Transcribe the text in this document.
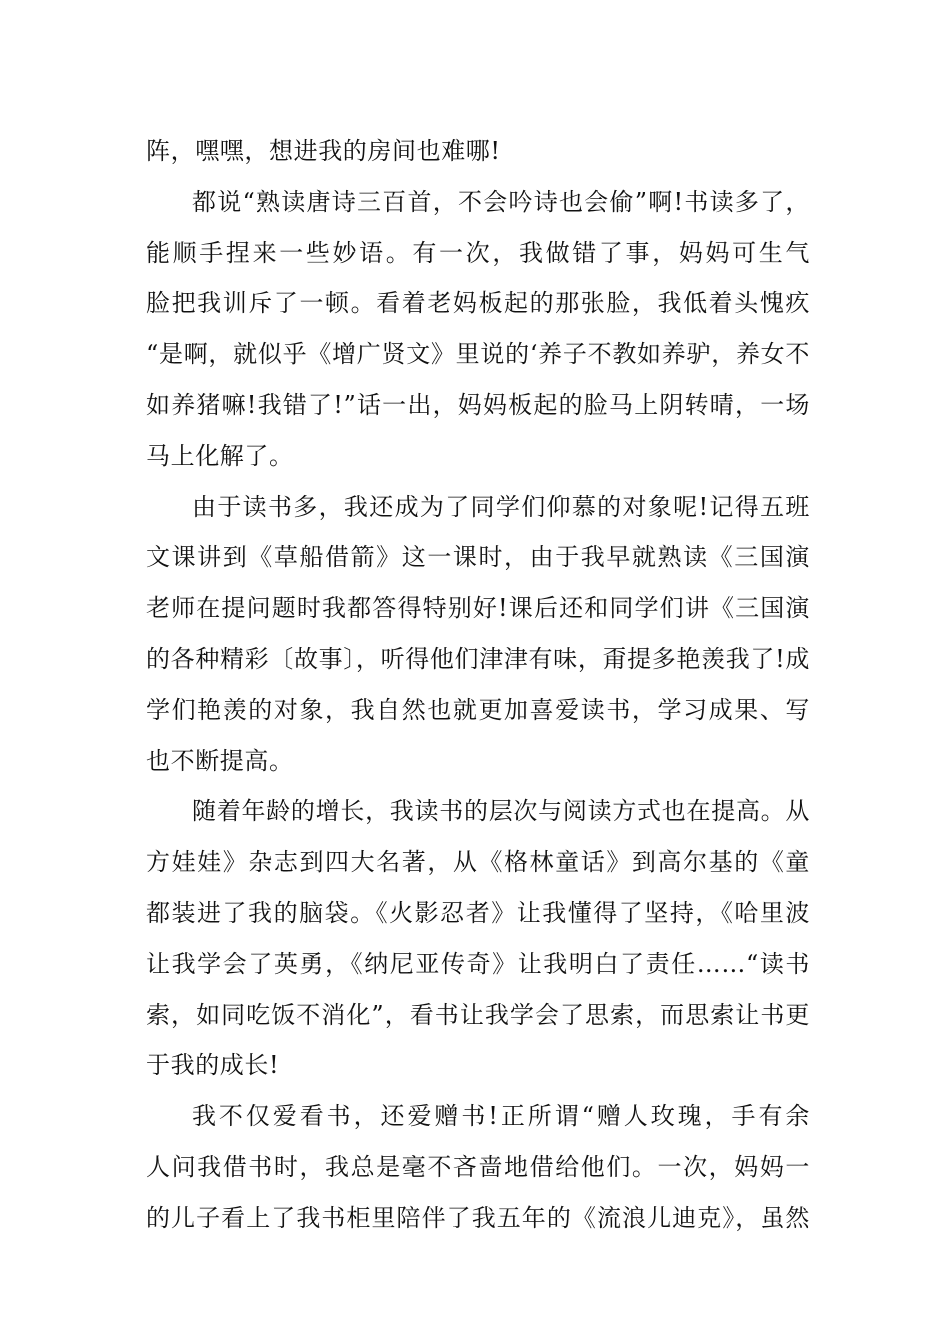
阵，嘿嘿，想进我的房间也难哪!
都说“熟读唐诗三百首，不会吟诗也会偷”啊!书读多了，
能顺手捏来一些妙语。有一次，我做错了事，妈妈可生气
脸把我训斥了一顿。看着老妈板起的那张脸，我低着头愧疚
“是啊，就似乎《增广贤文》里说的‘养子不教如养驴，养女不
如养猪嘛!我错了!”话一出，妈妈板起的脸马上阴转晴，一场
马上化解了。
由于读书多，我还成为了同学们仰慕的对象呢!记得五班
文课讲到《草船借箭》这一课时，由于我早就熟读《三国演
老师在提问题时我都答得特别好!课后还和同学们讲《三国演
的各种精彩〔故事〕，听得他们津津有味，甭提多艳羡我了!成
学们艳羡的对象，我自然也就更加喜爱读书，学习成果、写
也不断提高。
随着年龄的增长，我读书的层次与阅读方式也在提高。从
方娃娃》杂志到四大名著，从《格林童话》到高尔基的《童
都装进了我的脑袋。《火影忍者》让我懂得了坚持，《哈里波
让我学会了英勇，《纳尼亚传奇》让我明白了责任……“读书
索，如同吃饭不消化”，看书让我学会了思索，而思索让书更
于我的成长!
我不仅爱看书，还爱赠书!正所谓“赠人玫瑰，手有余
人问我借书时，我总是毫不吝啬地借给他们。一次，妈妈一
的儿子看上了我书柜里陪伴了我五年的《流浪儿迪克》，虽然
